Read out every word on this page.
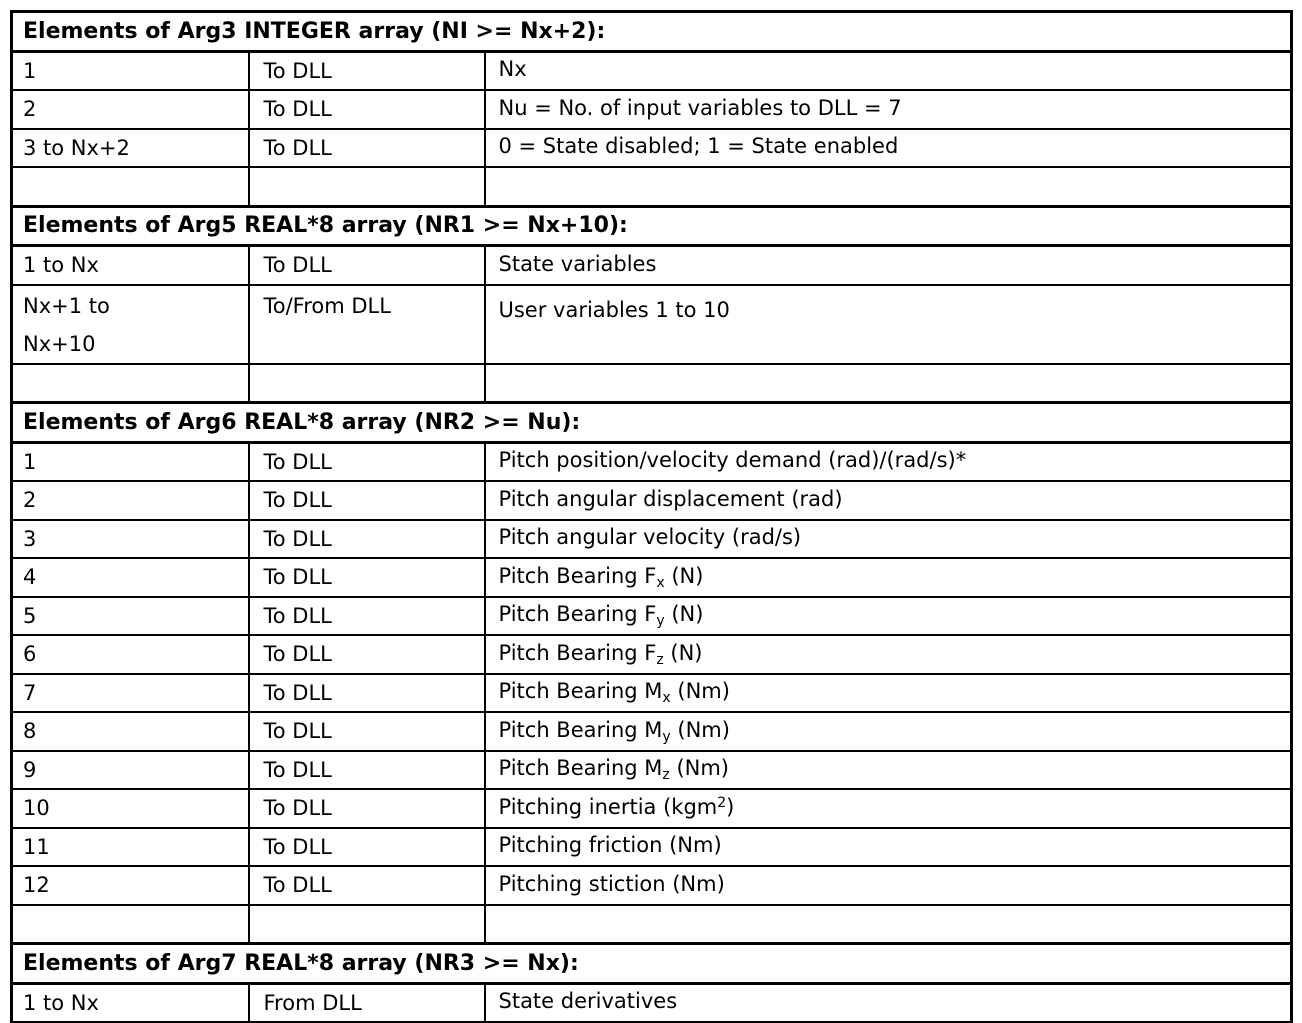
Elements of Arg3 INTEGER array (NI >= Nx+2):		
1	To DLL	Nx
2	To DLL	Nu = No. of input variables to DLL = 7
3 to Nx+2	To DLL	0 = State disabled; 1 = State enabled

Elements of Arg5 REAL*8 array (NR1 >= Nx+10):		
1 to Nx	To DLL	State variables

Nx+1 to
Nx+10	To/From DLL	User variables 1 to 10

Elements of Arg6 REAL*8 array (NR2 >= Nu):		
1	To DLL	Pitch position/velocity demand (rad)/(rad/s)*
2	To DLL	Pitch angular displacement (rad)
3	To DLL	Pitch angular velocity (rad/s)
4	To DLL	Pitch Bearing $F_x$ (N)
5	To DLL	Pitch Bearing $F_y$ (N)
6	To DLL	Pitch Bearing $F_z$ (N)
7	To DLL	Pitch Bearing $M_x$ (Nm)
8	To DLL	Pitch Bearing $M_y$ (Nm)
9	To DLL	Pitch Bearing $M_z$ (Nm)
10	To DLL	Pitching inertia (kgm$^2$)
11	To DLL	Pitching friction (Nm)
12	To DLL	Pitching stiction (Nm)

Elements of Arg7 REAL*8 array (NR3 >= Nx):		
1 to Nx	From DLL	State derivatives
